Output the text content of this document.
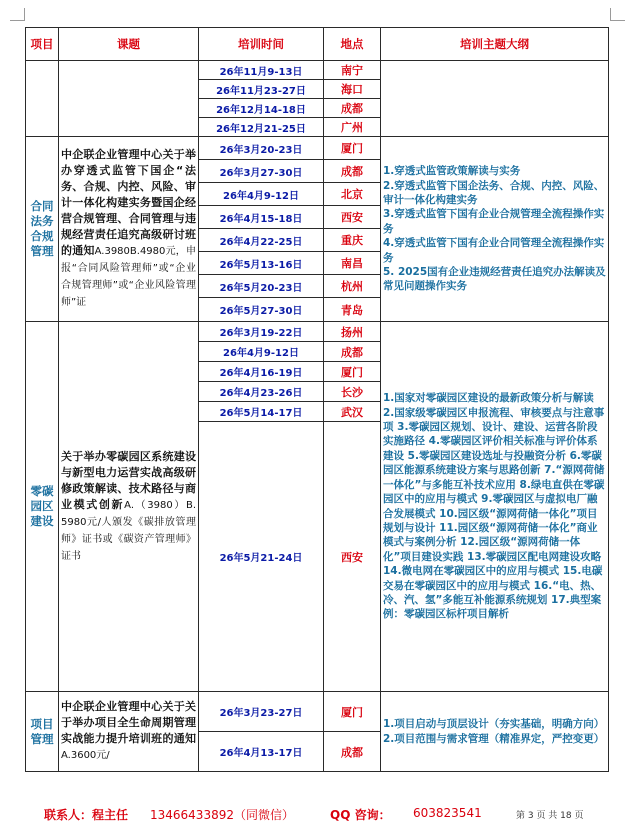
项目	课题	培训时间	地点	培训主题大纲
		26年11月9-13日	南宁	
		26年11月23-27日	海口	
		26年12月14-18日	成都	
		26年12月21-25日	广州	
合同法务合规管理	中企联企业管理中心关于举办穿透式监管下国企“法务、合规、内控、风险、审计一体化构建实务暨国企经营合规管理、合同管理与违规经营责任追究高级研讨班的通知A.3980B.4980元，申报“合同风险管理师”或“企业合规管理师”或“企业风险管理师”证	26年3月20-23日	厦门	1.穿透式监管政策解读与实务
2.穿透式监管下国企法务、合规、内控、风险、审计一体化构建实务
3.穿透式监管下国有企业合规管理全流程操作实务
4.穿透式监管下国有企业合同管理全流程操作实务
5. 2025国有企业违规经营责任追究办法解读及常见问题操作实务

		26年3月27-30日	成都	
		26年4月9-12日	北京	
		26年4月15-18日	西安	
		26年4月22-25日	重庆	
		26年5月13-16日	南昌	
		26年5月20-23日	杭州	
		26年5月27-30日	青岛	
零碳园区建设	关于举办零碳园区系统建设与新型电力运营实战高级研修政策解读、技术路径与商业模式创新A.（3980）B. 5980元/人颁发《碳排放管理师》证书或《碳资产管理师》证书	26年3月19-22日	扬州	1.国家对零碳园区建设的最新政策分析与解读 2.国家级零碳园区申报流程、审核要点与注意事项 3.零碳园区规划、设计、建设、运营各阶段实施路径 4.零碳园区评价相关标准与评价体系建设 5.零碳园区建设选址与投融资分析 6.零碳园区能源系统建设方案与思路创新 7.“源网荷储一体化”与多能互补技术应用 8.绿电直供在零碳园区中的应用与模式 9.零碳园区与虚拟电厂融合发展模式 10.园区级“源网荷储一体化”项目规划与设计 11.园区级“源网荷储一体化”商业模式与案例分析 12.园区级“源网荷储一体化”项目建设实践 13.零碳园区配电网建设攻略 14.微电网在零碳园区中的应用与模式 15.电碳交易在零碳园区中的应用与模式 16.“电、热、冷、汽、氢”多能互补能源系统规划 17.典型案例：零碳园区标杆项目解析
		26年4月9-12日	成都	
		26年4月16-19日	厦门	
		26年4月23-26日	长沙	
		26年5月14-17日	武汉	
		26年5月21-24日	西安	
项目管理	中企联企业管理中心关于关于举办项目全生命周期管理实战能力提升培训班的通知A.3600元/	26年3月23-27日	厦门	1.项目启动与顶层设计（夯实基础，明确方向）
2.项目范围与需求管理（精准界定，严控变更）

		26年4月13-17日	成都	
联系人：程主任 13466433892（同微信）	QQ 咨询： 603823541	第 3 页 共 18 页
